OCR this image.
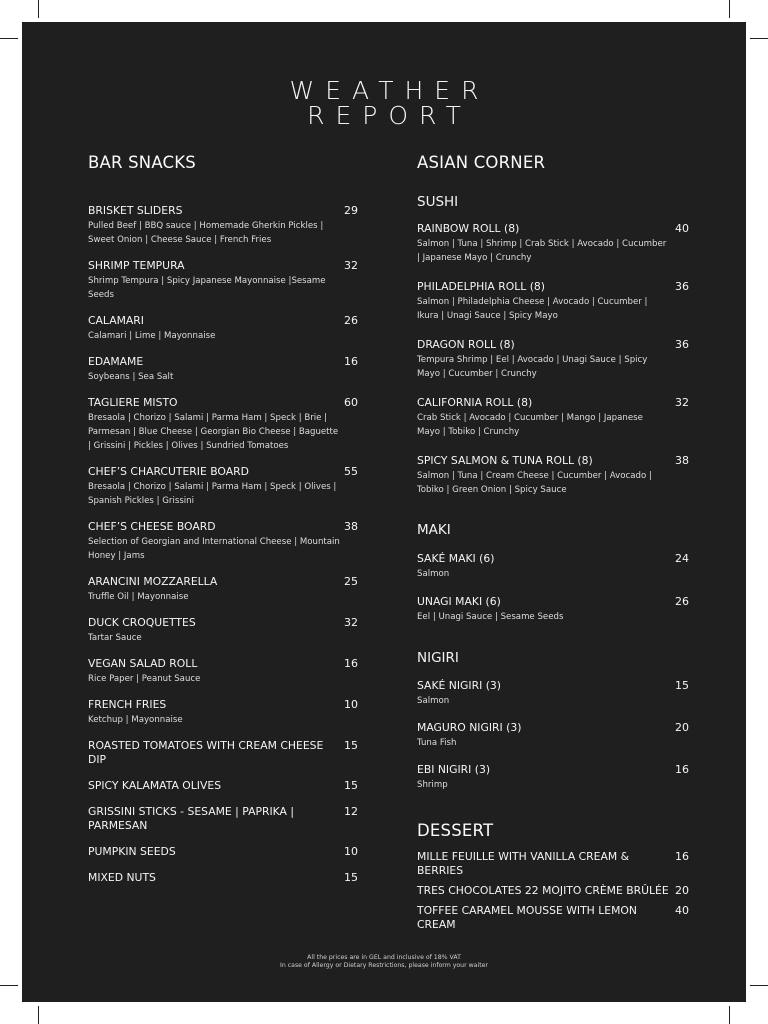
WEATHER
REPORT
BAR SNACKS
BRISKET SLIDERS	29
Pulled Beef | BBQ sauce | Homemade Gherkin Pickles | Sweet Onion | Cheese Sauce | French Fries
SHRIMP TEMPURA	32
Shrimp Tempura | Spicy Japanese Mayonnaise |Sesame Seeds
CALAMARI	26
Calamari | Lime | Mayonnaise
EDAMAME	16
Soybeans | Sea Salt
TAGLIERE MISTO	60
Bresaola | Chorizo | Salami | Parma Ham | Speck | Brie | Parmesan | Blue Cheese | Georgian Bio Cheese | Baguette | Grissini | Pickles | Olives | Sundried Tomatoes
CHEF’S CHARCUTERIE BOARD	55
Bresaola | Chorizo | Salami | Parma Ham | Speck | Olives | Spanish Pickles | Grissini
CHEF’S CHEESE BOARD	38
Selection of Georgian and International Cheese | Mountain Honey | Jams
ARANCINI MOZZARELLA	25
Truffle Oil | Mayonnaise
DUCK CROQUETTES	32
Tartar Sauce
VEGAN SALAD ROLL	16
Rice Paper | Peanut Sauce
FRENCH FRIES	10
Ketchup | Mayonnaise
ROASTED TOMATOES WITH CREAM CHEESE DIP
15
SPICY KALAMATA OLIVES	15
GRISSINI STICKS - SESAME | PAPRIKA | PARMESAN
12
PUMPKIN SEEDS	10
MIXED NUTS	15
ASIAN CORNER
SUSHI
RAINBOW ROLL (8)	40
Salmon | Tuna | Shrimp | Crab Stick | Avocado | Cucumber | Japanese Mayo | Crunchy
PHILADELPHIA ROLL (8)	36
Salmon | Philadelphia Cheese | Avocado | Cucumber | Ikura | Unagi Sauce | Spicy Mayo
DRAGON ROLL (8)	36
Tempura Shrimp | Eel | Avocado | Unagi Sauce | Spicy Mayo | Cucumber | Crunchy
CALIFORNIA ROLL (8)	32
Crab Stick | Avocado | Cucumber | Mango | Japanese Mayo | Tobiko | Crunchy
SPICY SALMON & TUNA ROLL (8)	38
Salmon | Tuna | Cream Cheese | Cucumber | Avocado | Tobiko | Green Onion | Spicy Sauce
MAKI
SAKÉ MAKI (6)	24
Salmon
UNAGI MAKI (6)	26
Eel | Unagi Sauce | Sesame Seeds
NIGIRI
SAKÉ NIGIRI (3)	15
Salmon
MAGURO NIGIRI (3)	20
Tuna Fish
EBI NIGIRI (3)	16
Shrimp
DESSERT
MILLE FEUILLE WITH VANILLA CREAM & BERRIES
16
TRES CHOCOLATES 22 MOJITO CRÈME BRÛLÉE 20
TOFFEE CARAMEL MOUSSE WITH LEMON CREAM
40
All the prices are in GEL and inclusive of 18% VAT
In case of Allergy or Dietary Restrictions, please inform your waiter
